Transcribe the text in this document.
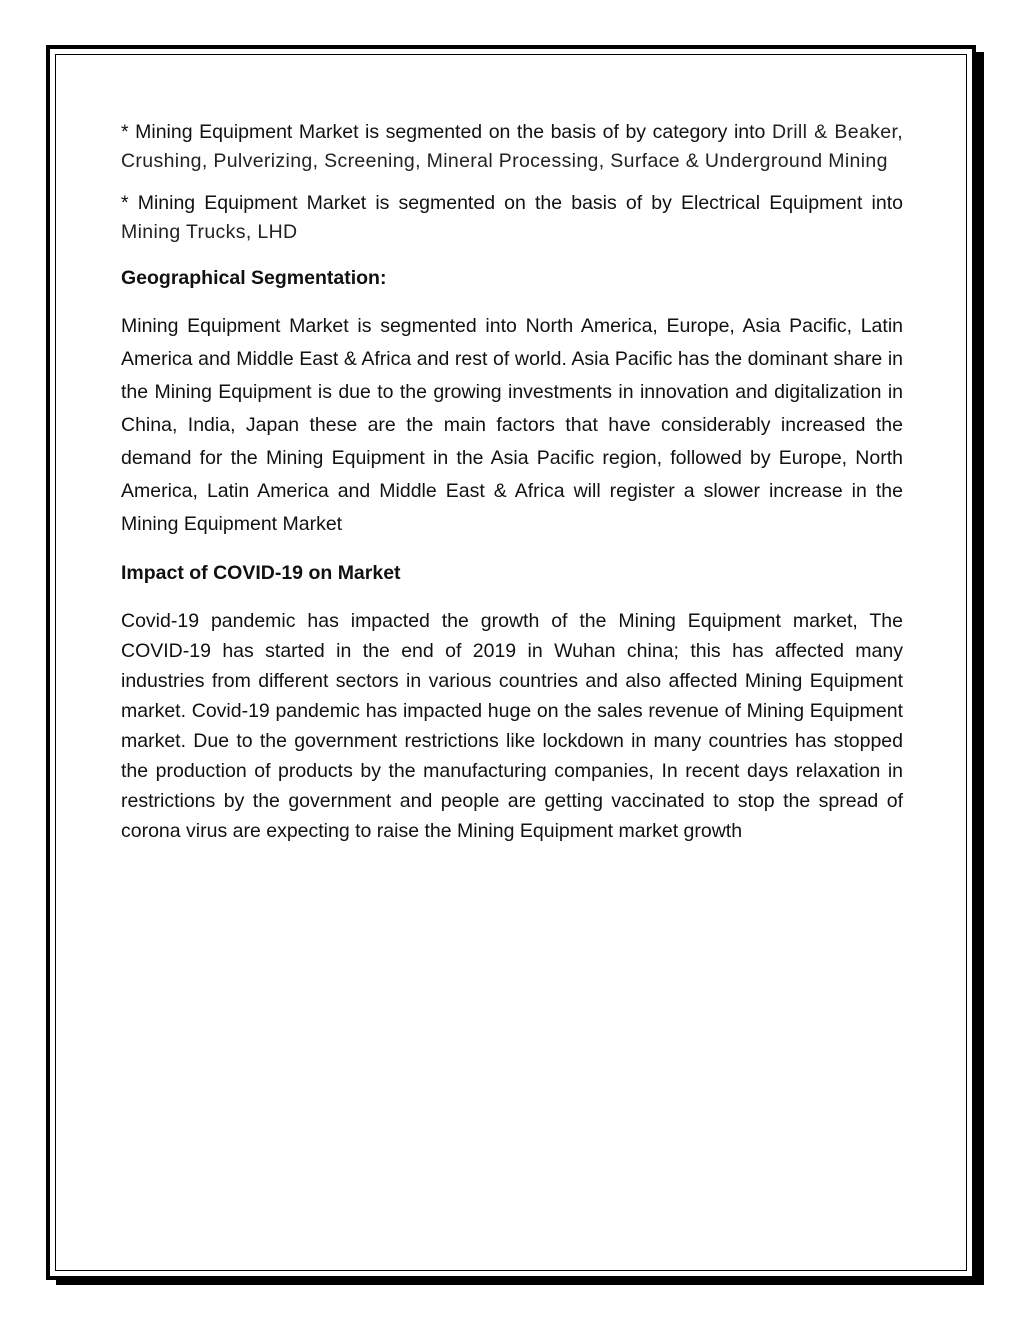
* Mining Equipment Market is segmented on the basis of by category into Drill & Beaker, Crushing, Pulverizing, Screening, Mineral Processing, Surface & Underground Mining

* Mining Equipment Market is segmented on the basis of by Electrical Equipment into Mining Trucks, LHD

Geographical Segmentation:

Mining Equipment Market is segmented into North America, Europe, Asia Pacific, Latin America and Middle East & Africa and rest of world. Asia Pacific has the dominant share in the Mining Equipment is due to the growing investments in innovation and digitalization in China, India, Japan these are the main factors that have considerably increased the demand for the Mining Equipment in the Asia Pacific region, followed by Europe, North America, Latin America and Middle East & Africa will register a slower increase in the Mining Equipment Market

Impact of COVID-19 on Market

Covid-19 pandemic has impacted the growth of the Mining Equipment market, The COVID-19 has started in the end of 2019 in Wuhan china; this has affected many industries from different sectors in various countries and also affected Mining Equipment market. Covid-19 pandemic has impacted huge on the sales revenue of Mining Equipment market. Due to the government restrictions like lockdown in many countries has stopped the production of products by the manufacturing companies, In recent days relaxation in restrictions by the government and people are getting vaccinated to stop the spread of corona virus are expecting to raise the Mining Equipment market growth
